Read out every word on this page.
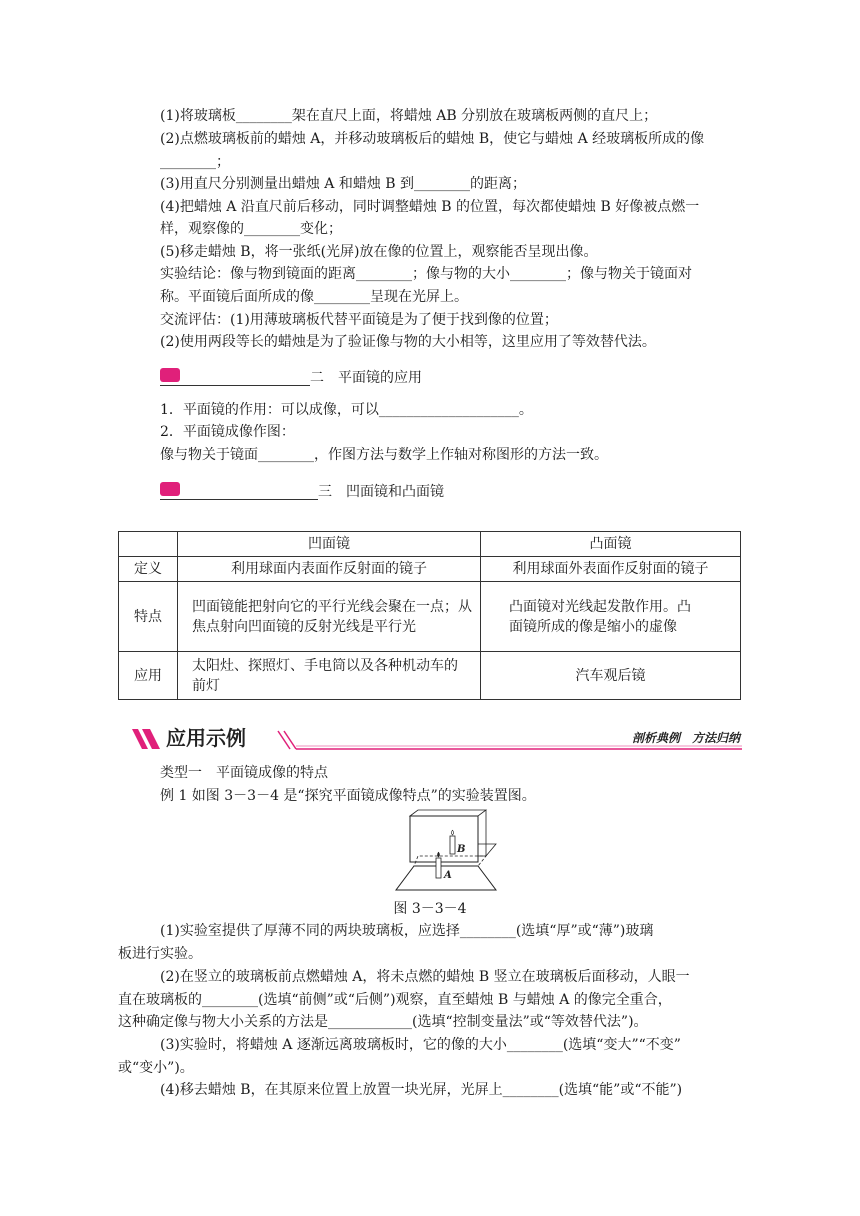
(1)将玻璃板________架在直尺上面，将蜡烛 AB 分别放在玻璃板两侧的直尺上；
(2)点燃玻璃板前的蜡烛 A，并移动玻璃板后的蜡烛 B，使它与蜡烛 A 经玻璃板所成的像
________；
(3)用直尺分别测量出蜡烛 A 和蜡烛 B 到________的距离；
(4)把蜡烛 A 沿直尺前后移动，同时调整蜡烛 B 的位置，每次都使蜡烛 B 好像被点燃一
样，观察像的________变化；
(5)移走蜡烛 B，将一张纸(光屏)放在像的位置上，观察能否呈现出像。
实验结论：像与物到镜面的距离________；像与物的大小________；像与物关于镜面对
称。平面镜后面所成的像________呈现在光屏上。
交流评估：(1)用薄玻璃板代替平面镜是为了便于找到像的位置；
(2)使用两段等长的蜡烛是为了验证像与物的大小相等，这里应用了等效替代法。
二　平面镜的应用
1．平面镜的作用：可以成像，可以____________________。
2．平面镜成像作图：
像与物关于镜面________，作图方法与数学上作轴对称图形的方法一致。
三　凹面镜和凸面镜
	凹面镜	凸面镜
定义	利用球面内表面作反射面的镜子	利用球面外表面作反射面的镜子
特点	凹面镜能把射向它的平行光线会聚在一点；从焦点射向凹面镜的反射光线是平行光	凸面镜对光线起发散作用。凸面镜所成的像是缩小的虚像
应用	太阳灶、探照灯、手电筒以及各种机动车的前灯	汽车观后镜
应用示例	剖析典例　方法归纳
类型一　平面镜成像的特点
例 1 如图 3－3－4 是“探究平面镜成像特点”的实验装置图。
B
A
图 3－3－4
(1)实验室提供了厚薄不同的两块玻璃板，应选择________(选填“厚”或“薄”)玻璃
板进行实验。
(2)在竖立的玻璃板前点燃蜡烛 A，将未点燃的蜡烛 B 竖立在玻璃板后面移动，人眼一
直在玻璃板的________(选填“前侧”或“后侧”)观察，直至蜡烛 B 与蜡烛 A 的像完全重合，
这种确定像与物大小关系的方法是____________(选填“控制变量法”或“等效替代法”)。
(3)实验时，将蜡烛 A 逐渐远离玻璃板时，它的像的大小________(选填“变大”“不变”
或“变小”)。
(4)移去蜡烛 B，在其原来位置上放置一块光屏，光屏上________(选填“能”或“不能”)
